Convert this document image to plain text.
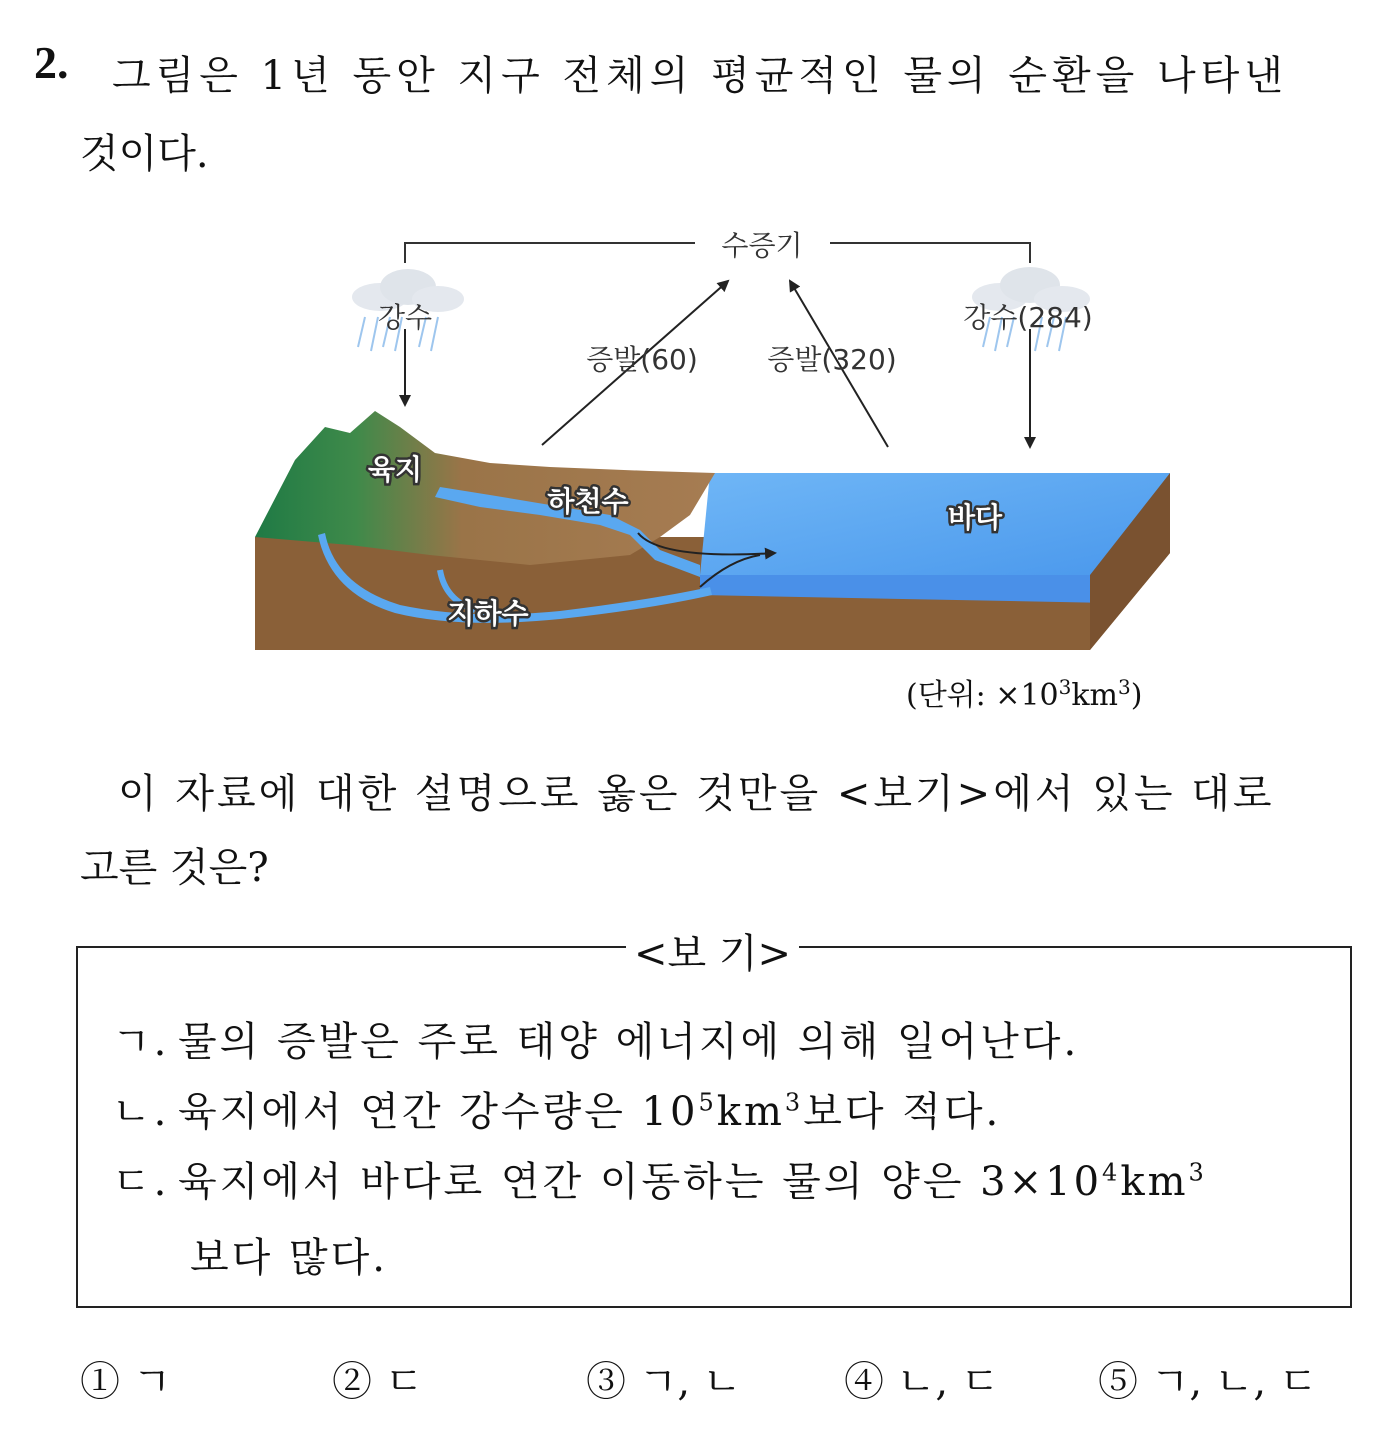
2. 그림은 1년 동안 지구 전체의 평균적인 물의 순환을 나타낸
것이다.
수증기
강수	강수(284)
증발(60) 증발(320)
육지
하천수	바다
지하수
(단위: $\times 10^3km^3$)
이 자료에 대한 설명으로 옳은 것만을 <보기>에서 있는 대로
고른 것은?
<보 기>
ㄱ. 물의 증발은 주로 태양 에너지에 의해 일어난다.
ㄴ. 육지에서 연간 강수량은 $10^5km^3$보다 적다.
ㄷ. 육지에서 바다로 연간 이동하는 물의 양은 $3\times 10^4km^3$
보다 많다.
① ㄱ	② ㄷ	③ ㄱ, ㄴ	④ ㄴ, ㄷ ⑤ ㄱ, ㄴ, ㄷ
